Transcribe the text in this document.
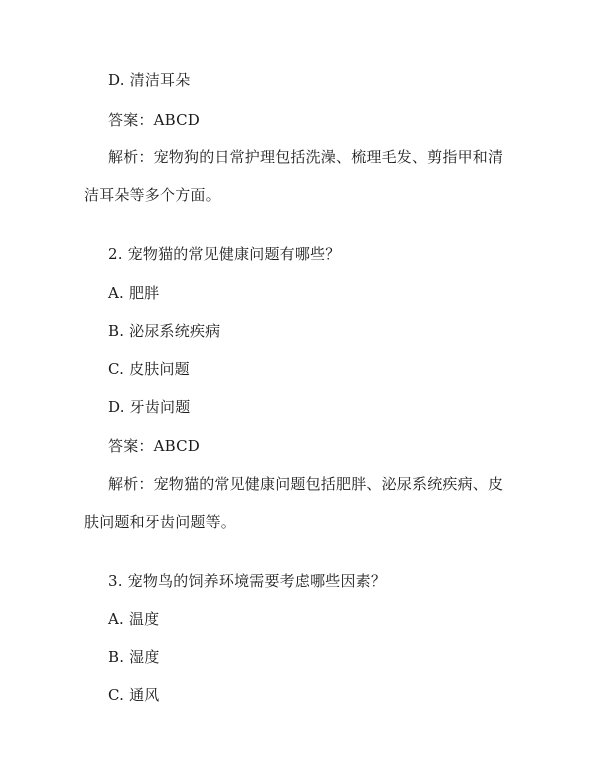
D. 清洁耳朵
答案：ABCD
解析：宠物狗的日常护理包括洗澡、梳理毛发、剪指甲和清洁耳朵等多个方面。
2. 宠物猫的常见健康问题有哪些？
A. 肥胖
B. 泌尿系统疾病
C. 皮肤问题
D. 牙齿问题
答案：ABCD
解析：宠物猫的常见健康问题包括肥胖、泌尿系统疾病、皮肤问题和牙齿问题等。
3. 宠物鸟的饲养环境需要考虑哪些因素？
A. 温度
B. 湿度
C. 通风
